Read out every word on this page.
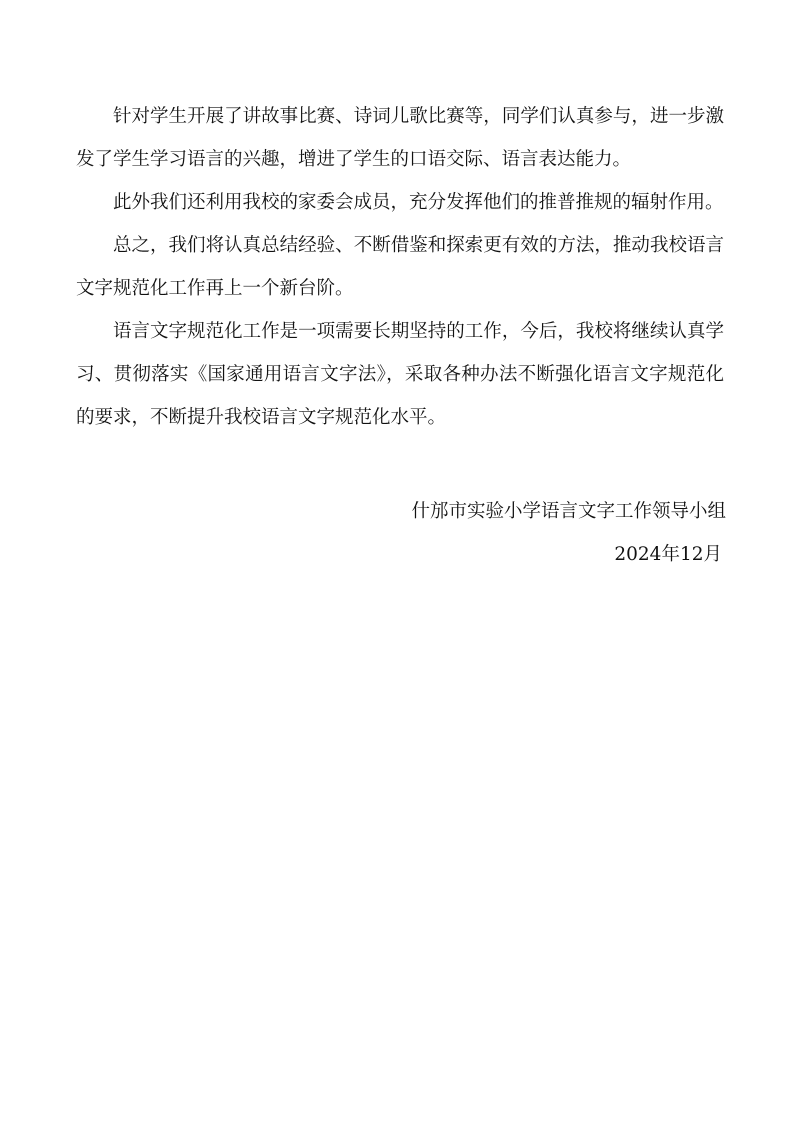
针对学生开展了讲故事比赛、诗词儿歌比赛等，同学们认真参与，进一步激发了学生学习语言的兴趣，增进了学生的口语交际、语言表达能力。

此外我们还利用我校的家委会成员，充分发挥他们的推普推规的辐射作用。

总之，我们将认真总结经验、不断借鉴和探索更有效的方法，推动我校语言文字规范化工作再上一个新台阶。

语言文字规范化工作是一项需要长期坚持的工作，今后，我校将继续认真学习、贯彻落实《国家通用语言文字法》，采取各种办法不断强化语言文字规范化的要求，不断提升我校语言文字规范化水平。

什邡市实验小学语言文字工作领导小组

2024年12月
